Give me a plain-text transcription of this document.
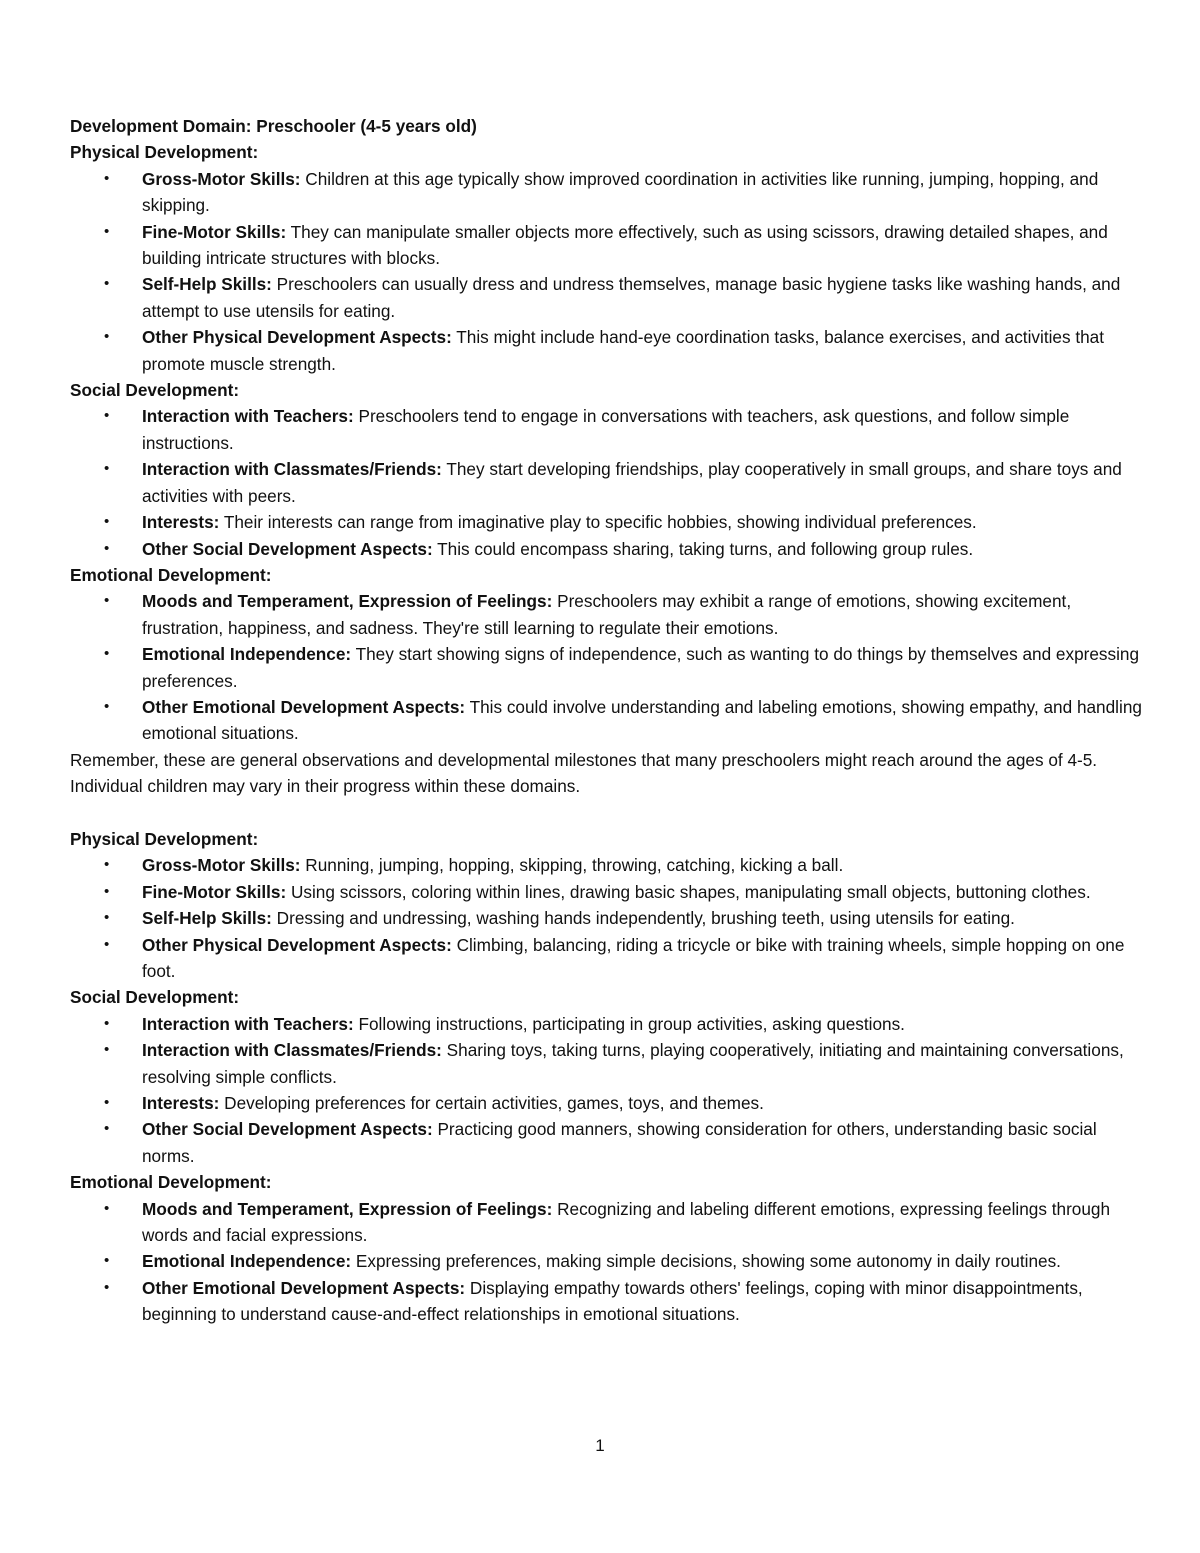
Development Domain: Preschooler (4-5 years old)

Physical Development:

• Gross-Motor Skills: Children at this age typically show improved coordination in activities like running, jumping, hopping, and skipping.
• Fine-Motor Skills: They can manipulate smaller objects more effectively, such as using scissors, drawing detailed shapes, and building intricate structures with blocks.
• Self-Help Skills: Preschoolers can usually dress and undress themselves, manage basic hygiene tasks like washing hands, and attempt to use utensils for eating.
• Other Physical Development Aspects: This might include hand-eye coordination tasks, balance exercises, and activities that promote muscle strength.

Social Development:

• Interaction with Teachers: Preschoolers tend to engage in conversations with teachers, ask questions, and follow simple instructions.
• Interaction with Classmates/Friends: They start developing friendships, play cooperatively in small groups, and share toys and activities with peers.
• Interests: Their interests can range from imaginative play to specific hobbies, showing individual preferences.
• Other Social Development Aspects: This could encompass sharing, taking turns, and following group rules.

Emotional Development:

• Moods and Temperament, Expression of Feelings: Preschoolers may exhibit a range of emotions, showing excitement, frustration, happiness, and sadness. They're still learning to regulate their emotions.
• Emotional Independence: They start showing signs of independence, such as wanting to do things by themselves and expressing preferences.
• Other Emotional Development Aspects: This could involve understanding and labeling emotions, showing empathy, and handling emotional situations.

Remember, these are general observations and developmental milestones that many preschoolers might reach around the ages of 4-5. Individual children may vary in their progress within these domains.

Physical Development:

• Gross-Motor Skills: Running, jumping, hopping, skipping, throwing, catching, kicking a ball.
• Fine-Motor Skills: Using scissors, coloring within lines, drawing basic shapes, manipulating small objects, buttoning clothes.
• Self-Help Skills: Dressing and undressing, washing hands independently, brushing teeth, using utensils for eating.
• Other Physical Development Aspects: Climbing, balancing, riding a tricycle or bike with training wheels, simple hopping on one foot.

Social Development:

• Interaction with Teachers: Following instructions, participating in group activities, asking questions.
• Interaction with Classmates/Friends: Sharing toys, taking turns, playing cooperatively, initiating and maintaining conversations, resolving simple conflicts.
• Interests: Developing preferences for certain activities, games, toys, and themes.
• Other Social Development Aspects: Practicing good manners, showing consideration for others, understanding basic social norms.

Emotional Development:

• Moods and Temperament, Expression of Feelings: Recognizing and labeling different emotions, expressing feelings through words and facial expressions.
• Emotional Independence: Expressing preferences, making simple decisions, showing some autonomy in daily routines.
• Other Emotional Development Aspects: Displaying empathy towards others' feelings, coping with minor disappointments, beginning to understand cause-and-effect relationships in emotional situations.
1
